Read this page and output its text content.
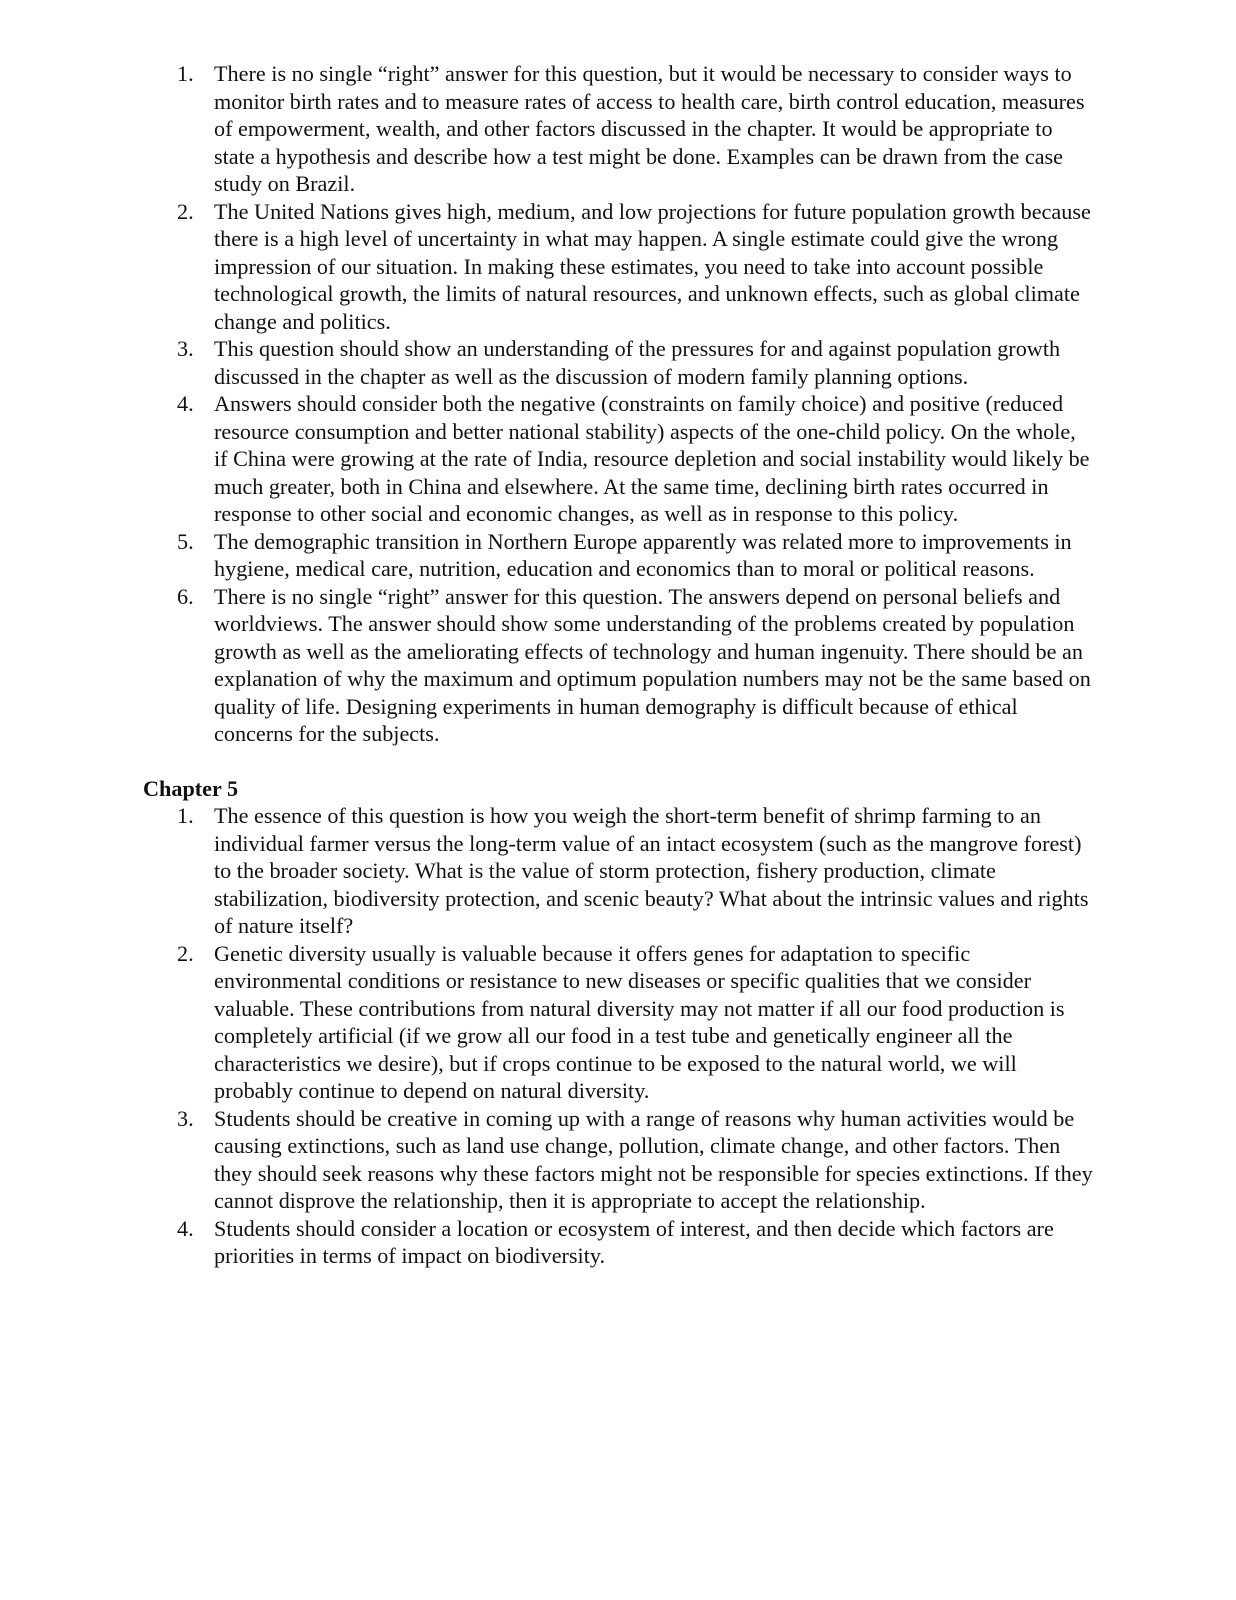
1. There is no single “right” answer for this question, but it would be necessary to consider ways to monitor birth rates and to measure rates of access to health care, birth control education, measures of empowerment, wealth, and other factors discussed in the chapter. It would be appropriate to state a hypothesis and describe how a test might be done. Examples can be drawn from the case study on Brazil.
2. The United Nations gives high, medium, and low projections for future population growth because there is a high level of uncertainty in what may happen. A single estimate could give the wrong impression of our situation. In making these estimates, you need to take into account possible technological growth, the limits of natural resources, and unknown effects, such as global climate change and politics.
3. This question should show an understanding of the pressures for and against population growth discussed in the chapter as well as the discussion of modern family planning options.
4. Answers should consider both the negative (constraints on family choice) and positive (reduced resource consumption and better national stability) aspects of the one-child policy. On the whole, if China were growing at the rate of India, resource depletion and social instability would likely be much greater, both in China and elsewhere. At the same time, declining birth rates occurred in response to other social and economic changes, as well as in response to this policy.
5. The demographic transition in Northern Europe apparently was related more to improvements in hygiene, medical care, nutrition, education and economics than to moral or political reasons.
6. There is no single “right” answer for this question. The answers depend on personal beliefs and worldviews. The answer should show some understanding of the problems created by population growth as well as the ameliorating effects of technology and human ingenuity. There should be an explanation of why the maximum and optimum population numbers may not be the same based on quality of life. Designing experiments in human demography is difficult because of ethical concerns for the subjects.
Chapter 5
1. The essence of this question is how you weigh the short-term benefit of shrimp farming to an individual farmer versus the long-term value of an intact ecosystem (such as the mangrove forest) to the broader society. What is the value of storm protection, fishery production, climate stabilization, biodiversity protection, and scenic beauty? What about the intrinsic values and rights of nature itself?
2. Genetic diversity usually is valuable because it offers genes for adaptation to specific environmental conditions or resistance to new diseases or specific qualities that we consider valuable. These contributions from natural diversity may not matter if all our food production is completely artificial (if we grow all our food in a test tube and genetically engineer all the characteristics we desire), but if crops continue to be exposed to the natural world, we will probably continue to depend on natural diversity.
3. Students should be creative in coming up with a range of reasons why human activities would be causing extinctions, such as land use change, pollution, climate change, and other factors. Then they should seek reasons why these factors might not be responsible for species extinctions. If they cannot disprove the relationship, then it is appropriate to accept the relationship.
4. Students should consider a location or ecosystem of interest, and then decide which factors are priorities in terms of impact on biodiversity.
